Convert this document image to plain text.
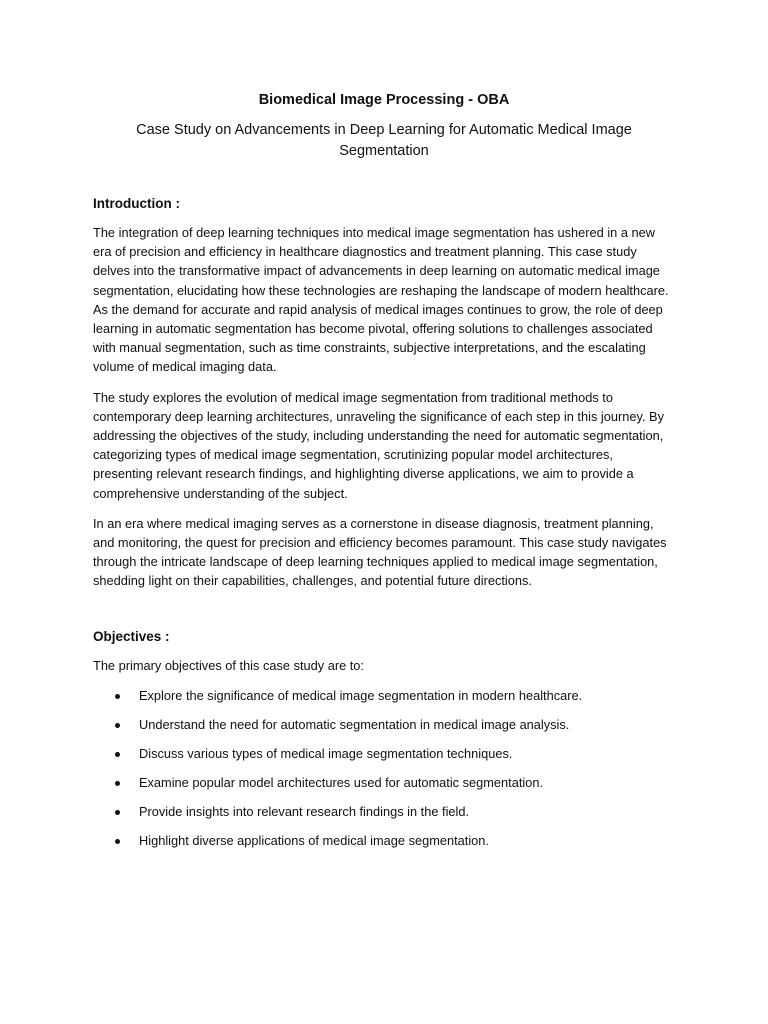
Biomedical Image Processing - OBA

Case Study on Advancements in Deep Learning for Automatic Medical Image Segmentation

Introduction :

The integration of deep learning techniques into medical image segmentation has ushered in a new era of precision and efficiency in healthcare diagnostics and treatment planning. This case study delves into the transformative impact of advancements in deep learning on automatic medical image segmentation, elucidating how these technologies are reshaping the landscape of modern healthcare. As the demand for accurate and rapid analysis of medical images continues to grow, the role of deep learning in automatic segmentation has become pivotal, offering solutions to challenges associated with manual segmentation, such as time constraints, subjective interpretations, and the escalating volume of medical imaging data.

The study explores the evolution of medical image segmentation from traditional methods to contemporary deep learning architectures, unraveling the significance of each step in this journey. By addressing the objectives of the study, including understanding the need for automatic segmentation, categorizing types of medical image segmentation, scrutinizing popular model architectures, presenting relevant research findings, and highlighting diverse applications, we aim to provide a comprehensive understanding of the subject.

In an era where medical imaging serves as a cornerstone in disease diagnosis, treatment planning, and monitoring, the quest for precision and efficiency becomes paramount. This case study navigates through the intricate landscape of deep learning techniques applied to medical image segmentation, shedding light on their capabilities, challenges, and potential future directions.

Objectives :

The primary objectives of this case study are to:

Explore the significance of medical image segmentation in modern healthcare.
Understand the need for automatic segmentation in medical image analysis.
Discuss various types of medical image segmentation techniques.
Examine popular model architectures used for automatic segmentation.
Provide insights into relevant research findings in the field.
Highlight diverse applications of medical image segmentation.
